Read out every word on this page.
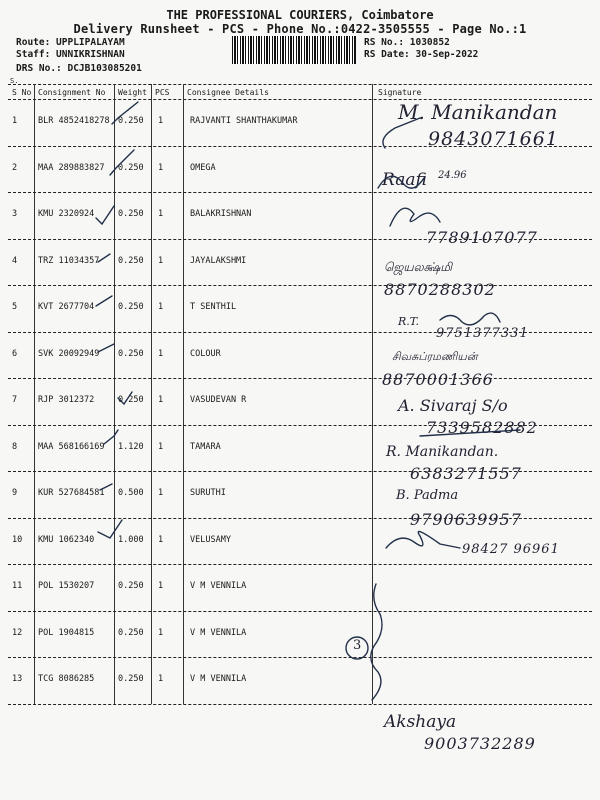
THE PROFESSIONAL COURIERS, Coimbatore
Delivery Runsheet - PCS - Phone No.:0422-3505555 - Page No.:1
Route: UPPLIPALAYAM
Staff: UNNIKRISHNAN
DRS No.: DCJB103085201
RS No.: 1030852
RS Date: 30-Sep-2022
S.
S No Consignment No Weight PCS Consignee Details	Signature
1 BLR 4852418278 0.250 1	RAJVANTI SHANTHAKUMAR
2 MAA 289883827 0.250 1	OMEGA
3 KMU 2320924	0.250 1	BALAKRISHNAN
4 TRZ 11034357 0.250 1	JAYALAKSHMI
5 KVT 2677704	0.250 1	T SENTHIL
6 SVK 20092949 0.250 1	COLOUR
7 RJP 3012372	0.250 1	VASUDEVAN R
8 MAA 568166169 1.120 1	TAMARA
9 KUR 527684581 0.500 1	SURUTHI
10 KMU 1062340	1.000 1	VELUSAMY
11 POL 1530207	0.250 1	V M VENNILA
12 POL 1904815	0.250 1	V M VENNILA
13 TCG 8086285	0.250 1	V M VENNILA
M. Manikandan
9843071661
Raafi 24.96
7789107077
ஜெயலக்ஷ்மி
8870288302
R.T.
9751377331
சிவசுப்ரமணியன்
8870001366
A. Sivaraj S/o
7339582882
R. Manikandan.
6383271557
B. Padma
9790639957
98427 96961
3
Akshaya
9003732289
